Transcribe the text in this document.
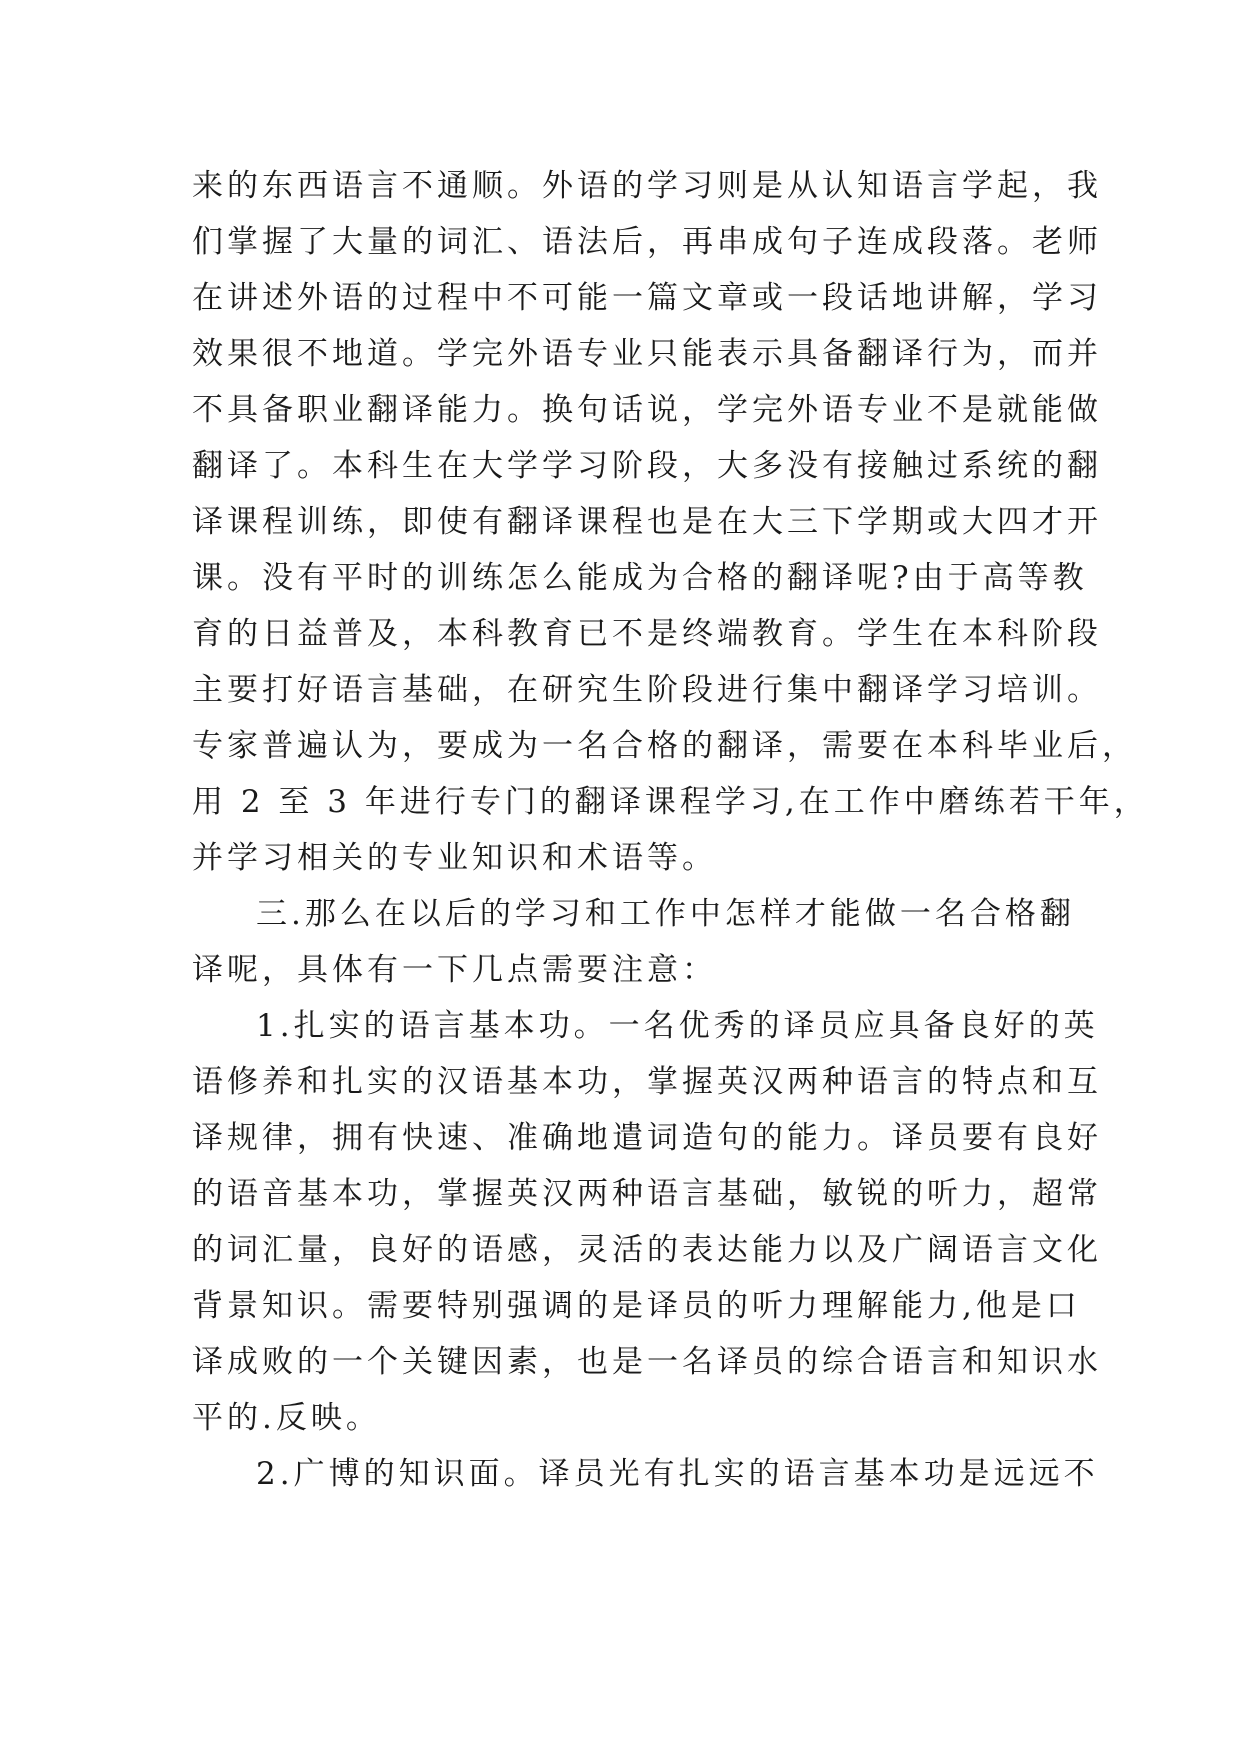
来的东西语言不通顺。外语的学习则是从认知语言学起，我
们掌握了大量的词汇、语法后，再串成句子连成段落。老师
在讲述外语的过程中不可能一篇文章或一段话地讲解，学习
效果很不地道。学完外语专业只能表示具备翻译行为，而并
不具备职业翻译能力。换句话说，学完外语专业不是就能做
翻译了。本科生在大学学习阶段，大多没有接触过系统的翻
译课程训练，即使有翻译课程也是在大三下学期或大四才开
课。没有平时的训练怎么能成为合格的翻译呢?由于高等教
育的日益普及，本科教育已不是终端教育。学生在本科阶段
主要打好语言基础，在研究生阶段进行集中翻译学习培训。
专家普遍认为，要成为一名合格的翻译，需要在本科毕业后，
用 2 至 3 年进行专门的翻译课程学习,在工作中磨练若干年，
并学习相关的专业知识和术语等。
三.那么在以后的学习和工作中怎样才能做一名合格翻
译呢，具体有一下几点需要注意：
1.扎实的语言基本功。一名优秀的译员应具备良好的英
语修养和扎实的汉语基本功，掌握英汉两种语言的特点和互
译规律，拥有快速、准确地遣词造句的能力。译员要有良好
的语音基本功，掌握英汉两种语言基础，敏锐的听力，超常
的词汇量，良好的语感，灵活的表达能力以及广阔语言文化
背景知识。需要特别强调的是译员的听力理解能力,他是口
译成败的一个关键因素，也是一名译员的综合语言和知识水
平的.反映。
2.广博的知识面。译员光有扎实的语言基本功是远远不
